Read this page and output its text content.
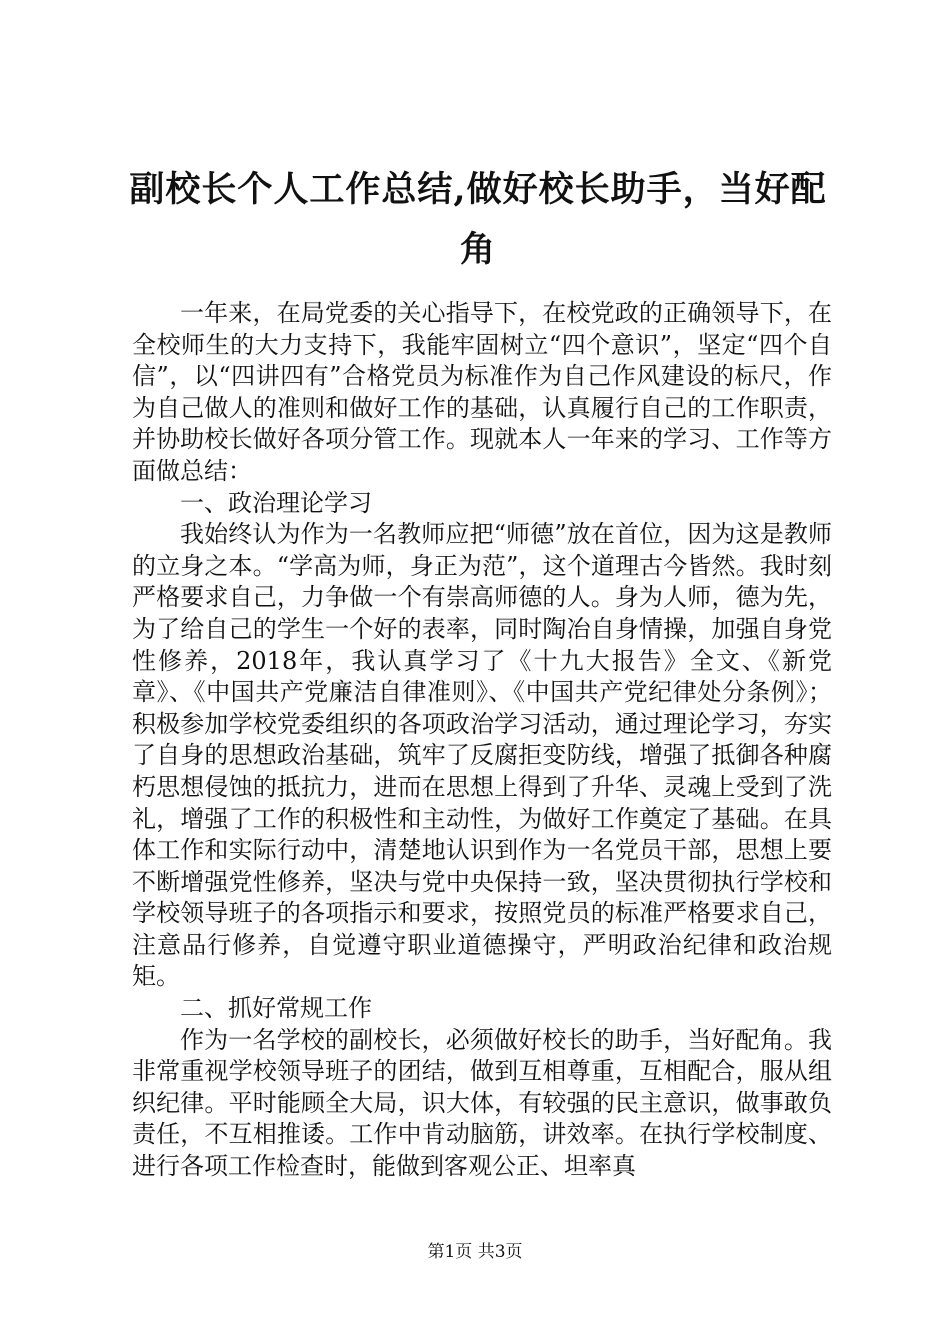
副校长个人工作总结,做好校长助手，当好配角

一年来，在局党委的关心指导下，在校党政的正确领导下，在全校师生的大力支持下，我能牢固树立“四个意识”，坚定“四个自信”，以“四讲四有”合格党员为标准作为自己作风建设的标尺，作为自己做人的准则和做好工作的基础，认真履行自己的工作职责，并协助校长做好各项分管工作。现就本人一年来的学习、工作等方面做总结：

一、政治理论学习

我始终认为作为一名教师应把“师德”放在首位，因为这是教师的立身之本。“学高为师，身正为范”，这个道理古今皆然。我时刻严格要求自己，力争做一个有崇高师德的人。身为人师，德为先，为了给自己的学生一个好的表率，同时陶冶自身情操，加强自身党性修养，2018年，我认真学习了《十九大报告》全文、《新党章》、《中国共产党廉洁自律准则》、《中国共产党纪律处分条例》；积极参加学校党委组织的各项政治学习活动，通过理论学习，夯实了自身的思想政治基础，筑牢了反腐拒变防线，增强了抵御各种腐朽思想侵蚀的抵抗力，进而在思想上得到了升华、灵魂上受到了洗礼，增强了工作的积极性和主动性，为做好工作奠定了基础。在具体工作和实际行动中，清楚地认识到作为一名党员干部，思想上要不断增强党性修养，坚决与党中央保持一致，坚决贯彻执行学校和学校领导班子的各项指示和要求，按照党员的标准严格要求自己，注意品行修养，自觉遵守职业道德操守，严明政治纪律和政治规矩。

二、抓好常规工作

作为一名学校的副校长，必须做好校长的助手，当好配角。我非常重视学校领导班子的团结，做到互相尊重，互相配合，服从组织纪律。平时能顾全大局，识大体，有较强的民主意识，做事敢负责任，不互相推诿。工作中肯动脑筋，讲效率。在执行学校制度、进行各项工作检查时，能做到客观公正、坦率真

第1页 共3页
